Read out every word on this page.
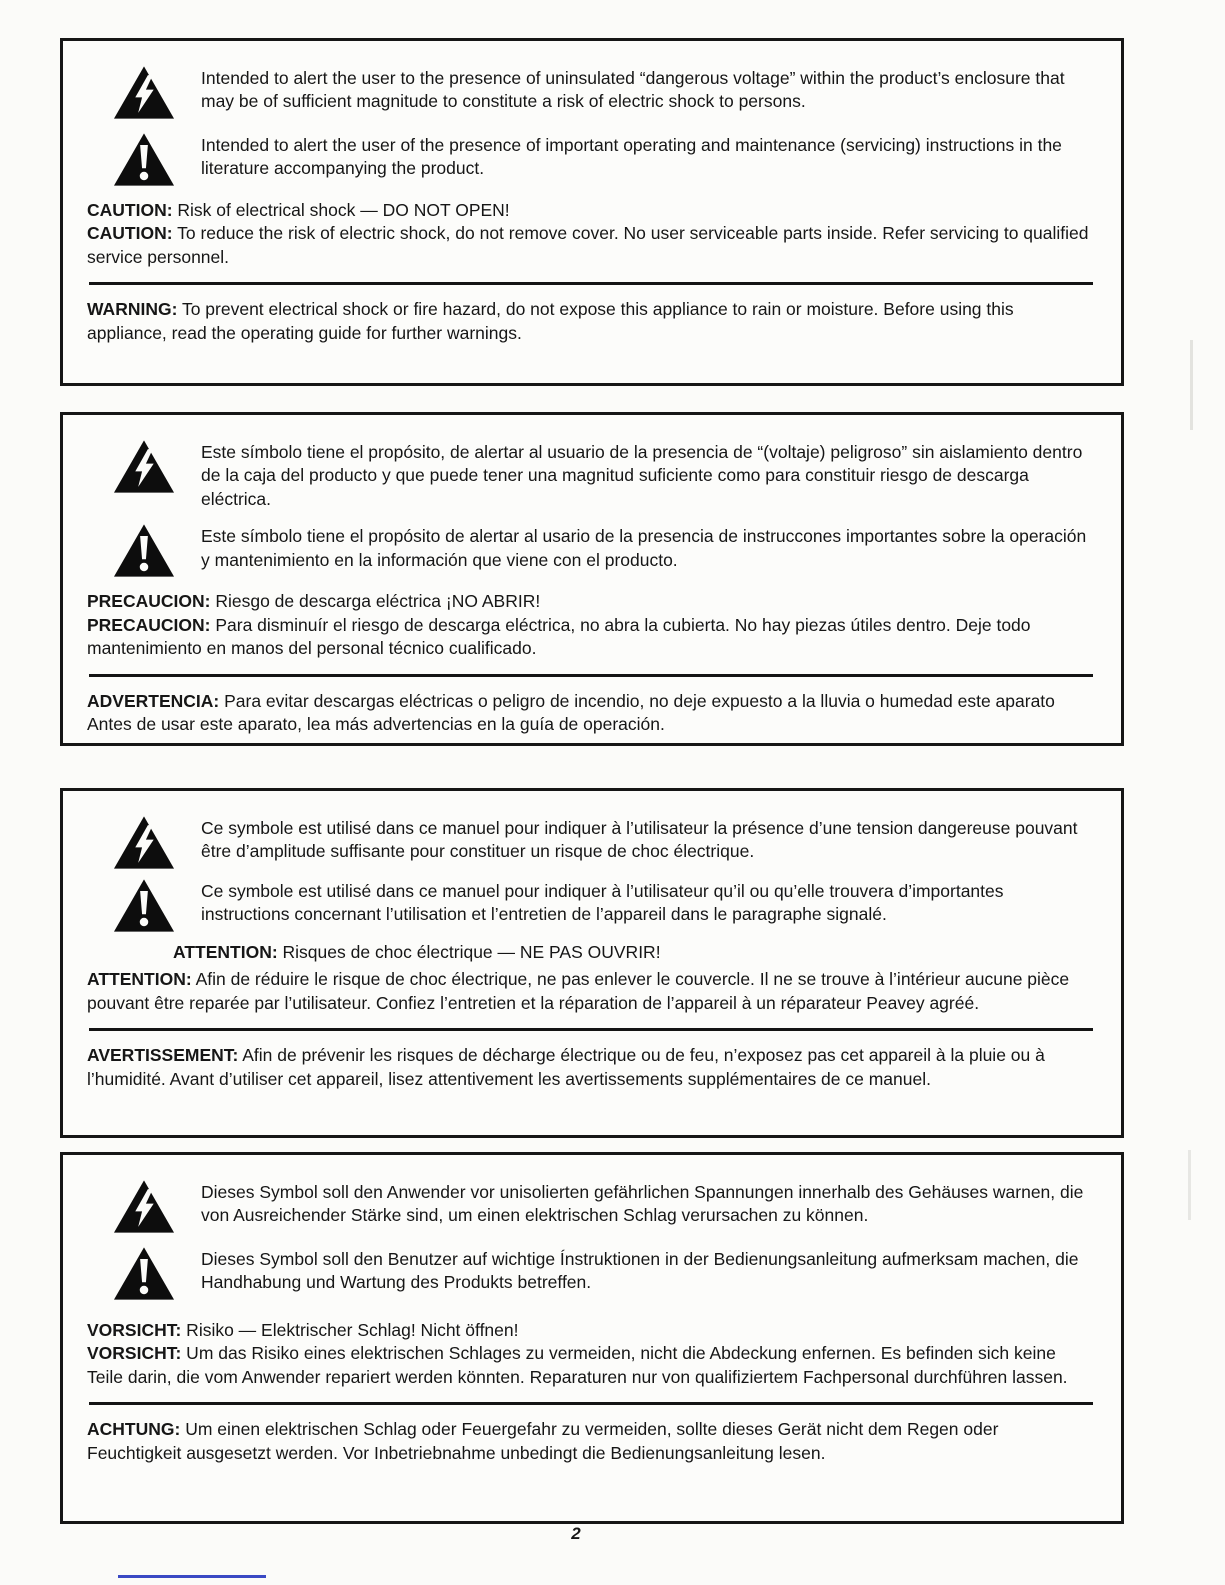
Intended to alert the user to the presence of uninsulated “dangerous voltage” within the product’s enclosure that may be of sufficient magnitude to constitute a risk of electric shock to persons.

Intended to alert the user of the presence of important operating and maintenance (servicing) instructions in the literature accompanying the product.

CAUTION: Risk of electrical shock — DO NOT OPEN!

CAUTION: To reduce the risk of electric shock, do not remove cover. No user serviceable parts inside. Refer servicing to qualified service personnel.

WARNING: To prevent electrical shock or fire hazard, do not expose this appliance to rain or moisture. Before using this appliance, read the operating guide for further warnings.

Este símbolo tiene el propósito, de alertar al usuario de la presencia de “(voltaje) peligroso” sin aislamiento dentro de la caja del producto y que puede tener una magnitud suficiente como para constituir riesgo de descarga eléctrica.

Este símbolo tiene el propósito de alertar al usario de la presencia de instruccones importantes sobre la operación y mantenimiento en la información que viene con el producto.

PRECAUCION: Riesgo de descarga eléctrica ¡NO ABRIR!

PRECAUCION: Para disminuír el riesgo de descarga eléctrica, no abra la cubierta. No hay piezas útiles dentro. Deje todo mantenimiento en manos del personal técnico cualificado.

ADVERTENCIA: Para evitar descargas eléctricas o peligro de incendio, no deje expuesto a la lluvia o humedad este aparato Antes de usar este aparato, lea más advertencias en la guía de operación.

Ce symbole est utilisé dans ce manuel pour indiquer à l’utilisateur la présence d’une tension dangereuse pouvant être d’amplitude suffisante pour constituer un risque de choc électrique.

Ce symbole est utilisé dans ce manuel pour indiquer à l’utilisateur qu’il ou qu’elle trouvera d’importantes instructions concernant l’utilisation et l’entretien de l’appareil dans le paragraphe signalé.

ATTENTION: Risques de choc électrique — NE PAS OUVRIR!

ATTENTION: Afin de réduire le risque de choc électrique, ne pas enlever le couvercle. Il ne se trouve à l’intérieur aucune pièce pouvant être reparée par l’utilisateur. Confiez l’entretien et la réparation de l’appareil à un réparateur Peavey agréé.

AVERTISSEMENT: Afin de prévenir les risques de décharge électrique ou de feu, n’exposez pas cet appareil à la pluie ou à l’humidité. Avant d’utiliser cet appareil, lisez attentivement les avertissements supplémentaires de ce manuel.

Dieses Symbol soll den Anwender vor unisolierten gefährlichen Spannungen innerhalb des Gehäuses warnen, die von Ausreichender Stärke sind, um einen elektrischen Schlag verursachen zu können.

Dieses Symbol soll den Benutzer auf wichtige Ínstruktionen in der Bedienungsanleitung aufmerksam machen, die Handhabung und Wartung des Produkts betreffen.

VORSICHT: Risiko — Elektrischer Schlag! Nicht öffnen!

VORSICHT: Um das Risiko eines elektrischen Schlages zu vermeiden, nicht die Abdeckung enfernen. Es befinden sich keine Teile darin, die vom Anwender repariert werden könnten. Reparaturen nur von qualifiziertem Fachpersonal durchführen lassen.

ACHTUNG: Um einen elektrischen Schlag oder Feuergefahr zu vermeiden, sollte dieses Gerät nicht dem Regen oder Feuchtigkeit ausgesetzt werden. Vor Inbetriebnahme unbedingt die Bedienungsanleitung lesen.

2
